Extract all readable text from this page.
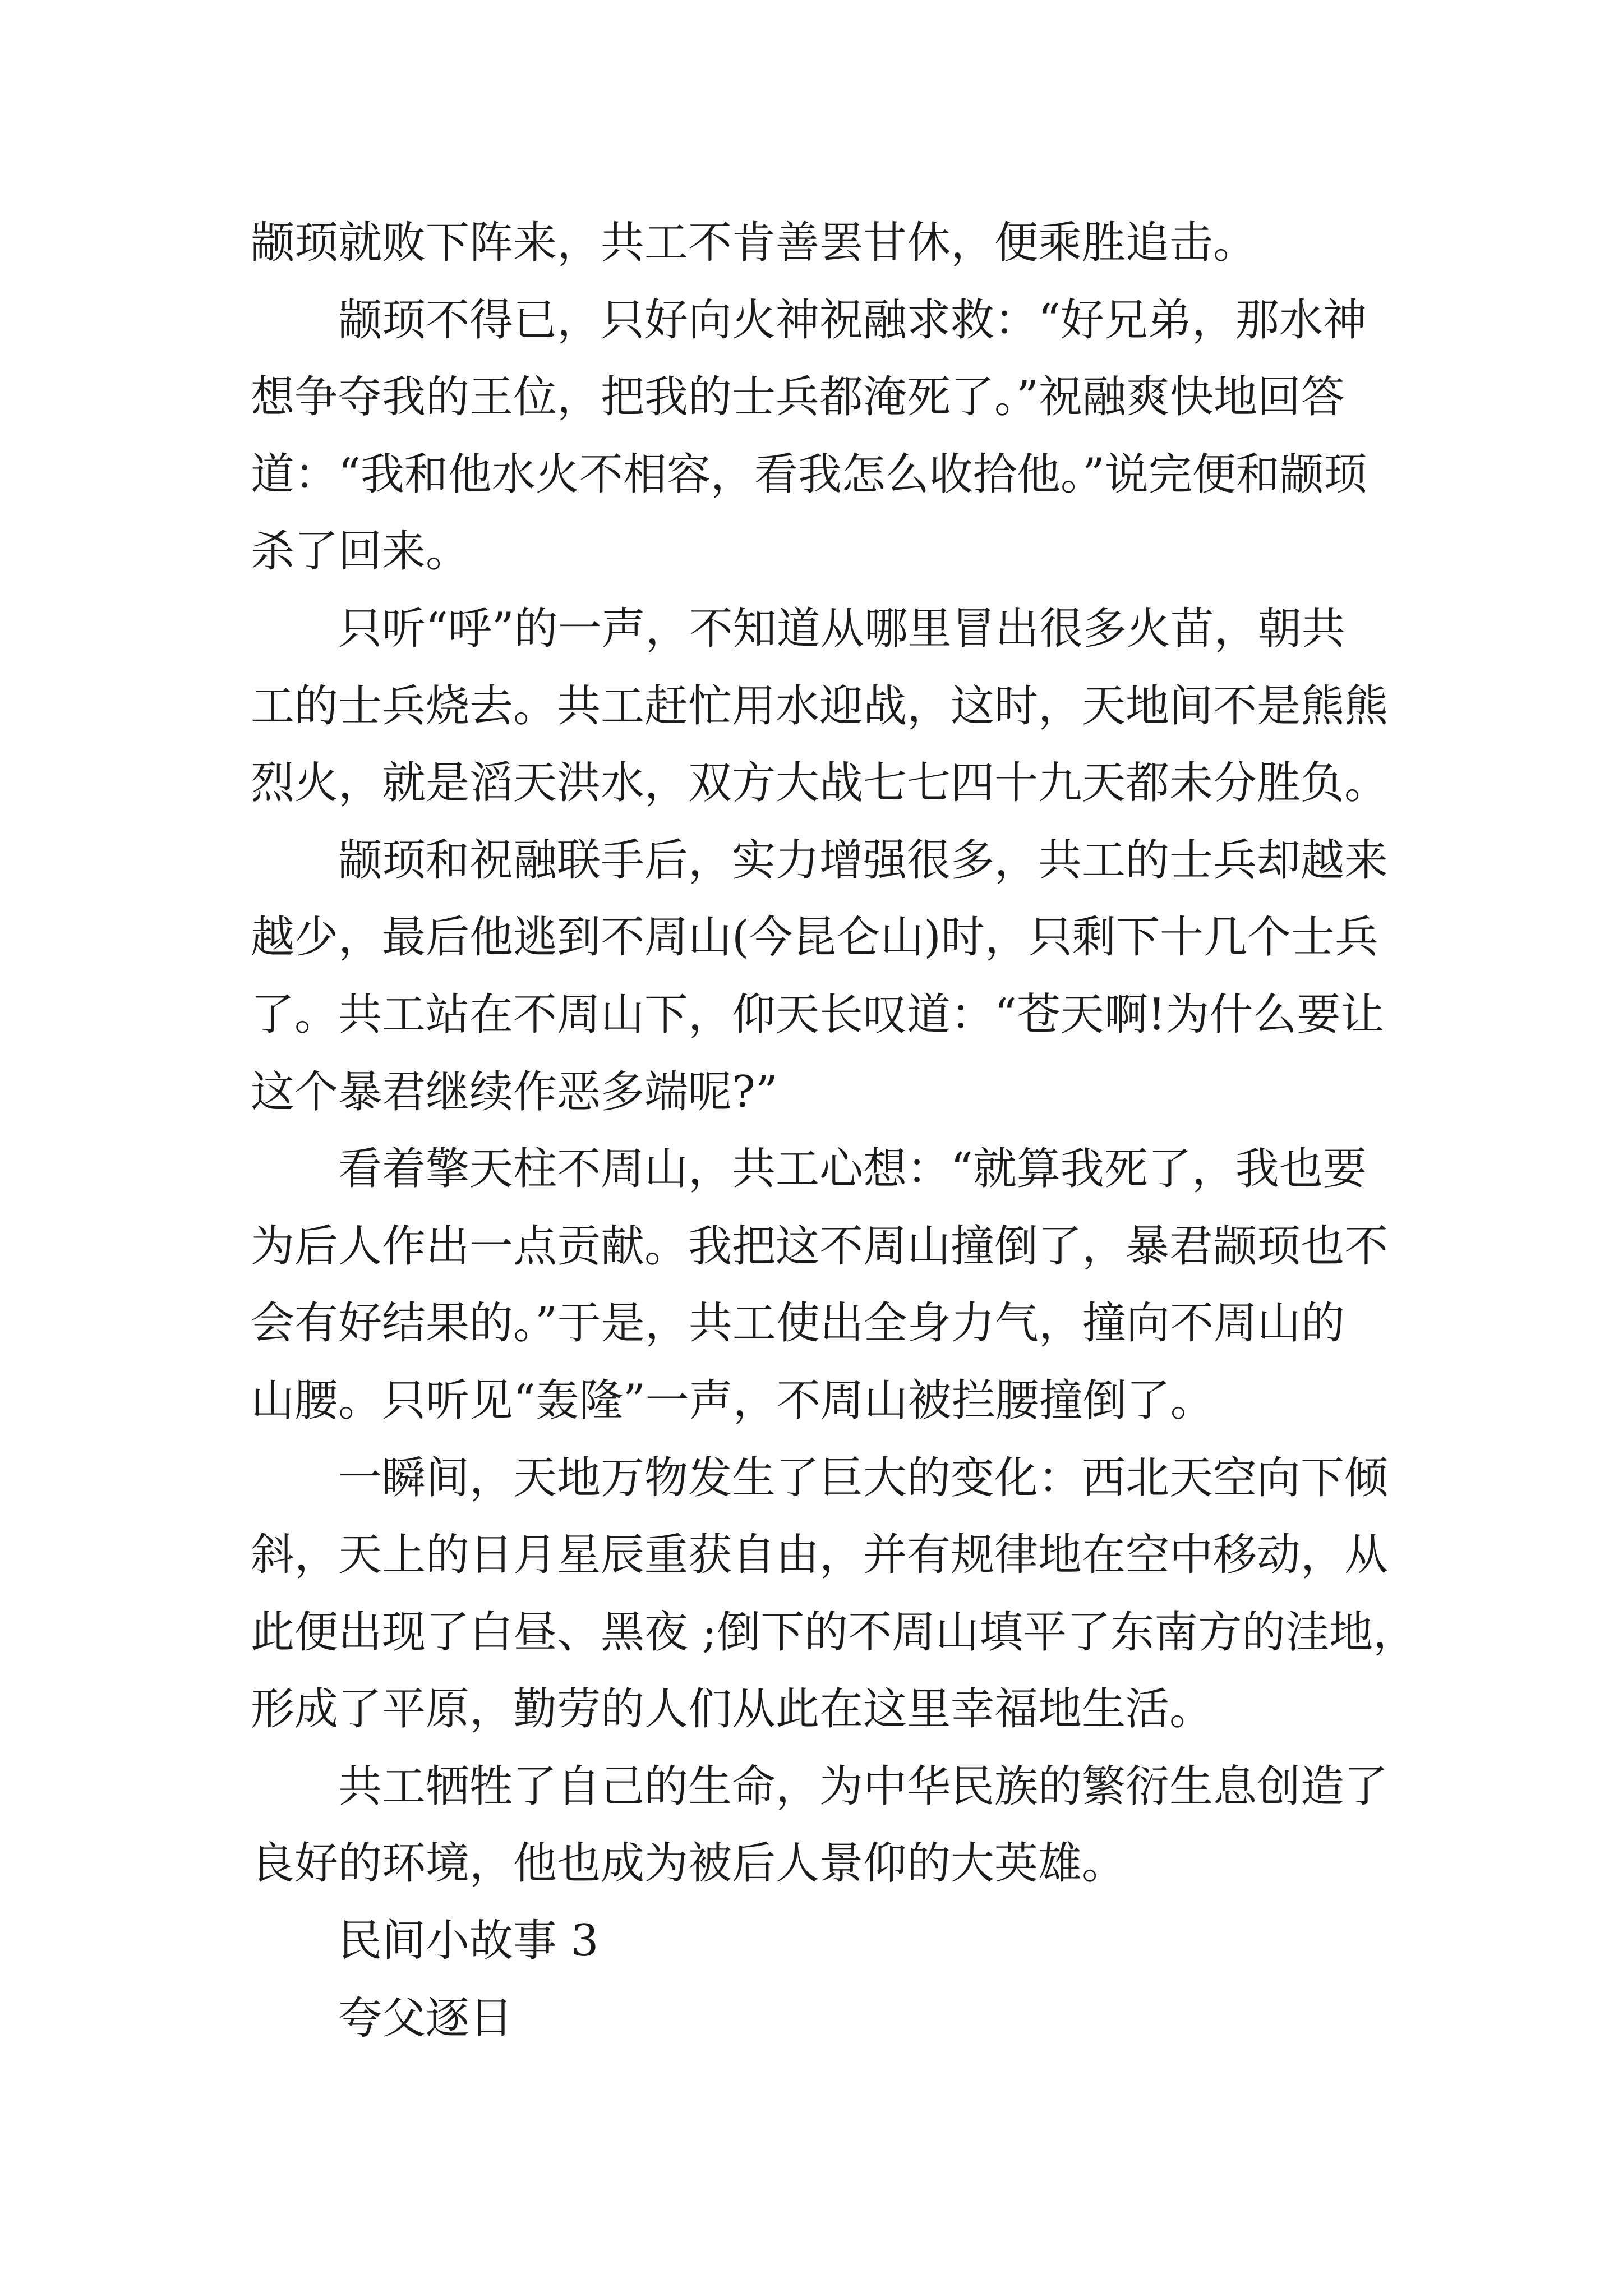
颛顼就败下阵来，共工不肯善罢甘休，便乘胜追击。
颛顼不得已，只好向火神祝融求救：“好兄弟，那水神
想争夺我的王位，把我的士兵都淹死了。”祝融爽快地回答
道：“我和他水火不相容，看我怎么收拾他。”说完便和颛顼
杀了回来。
只听“呼”的一声，不知道从哪里冒出很多火苗，朝共
工的士兵烧去。共工赶忙用水迎战，这时，天地间不是熊熊
烈火，就是滔天洪水，双方大战七七四十九天都未分胜负。
颛顼和祝融联手后，实力增强很多，共工的士兵却越来
越少，最后他逃到不周山(今昆仑山)时，只剩下十几个士兵
了。共工站在不周山下，仰天长叹道：“苍天啊!为什么要让
这个暴君继续作恶多端呢?”
看着擎天柱不周山，共工心想：“就算我死了，我也要
为后人作出一点贡献。我把这不周山撞倒了，暴君颛顼也不
会有好结果的。”于是，共工使出全身力气，撞向不周山的
山腰。只听见“轰隆”一声，不周山被拦腰撞倒了。
一瞬间，天地万物发生了巨大的变化：西北天空向下倾
斜，天上的日月星辰重获自由，并有规律地在空中移动，从
此便出现了白昼、黑夜 ;倒下的不周山填平了东南方的洼地，
形成了平原，勤劳的人们从此在这里幸福地生活。
共工牺牲了自己的生命，为中华民族的繁衍生息创造了
良好的环境，他也成为被后人景仰的大英雄。
民间小故事 3
夸父逐日
